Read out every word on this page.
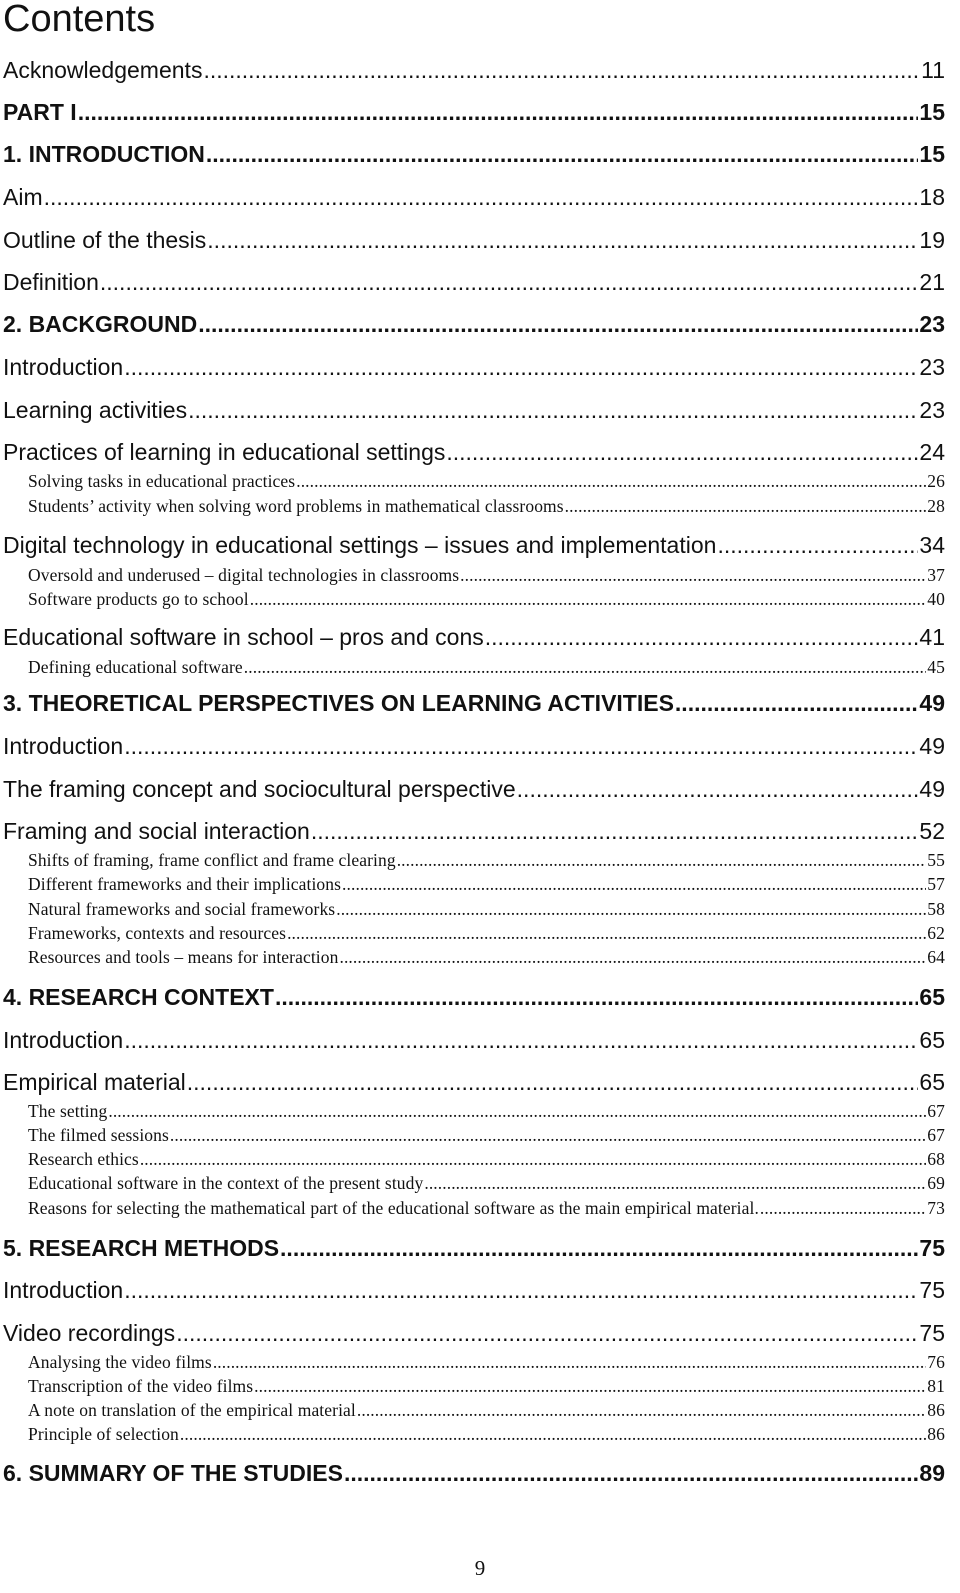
Contents
Acknowledgements .....	11
PART I .....	15
1. INTRODUCTION .....	15
Aim .....	18
Outline of the thesis .....	19
Definition .....	21
2. BACKGROUND .....	23
Introduction .....	23
Learning activities .....	23
Practices of learning in educational settings .....	24
Solving tasks in educational practices .....	26
Students’ activity when solving word problems in mathematical classrooms .....	28
Digital technology in educational settings – issues and implementation .....	34
Oversold and underused – digital technologies in classrooms .....	37
Software products go to school .....	40
Educational software in school – pros and cons .....	41
Defining educational software .....	45
3. THEORETICAL PERSPECTIVES ON LEARNING ACTIVITIES .....	49
Introduction .....	49
The framing concept and sociocultural perspective .....	49
Framing and social interaction .....	52
Shifts of framing, frame conflict and frame clearing .....	55
Different frameworks and their implications .....	57
Natural frameworks and social frameworks .....	58
Frameworks, contexts and resources .....	62
Resources and tools – means for interaction .....	64
4. RESEARCH CONTEXT .....	65
Introduction .....	65
Empirical material .....	65
The setting .....	67
The filmed sessions .....	67
Research ethics .....	68
Educational software in the context of the present study .....	69
Reasons for selecting the mathematical part of the educational software as the main empirical material. .....	73
5. RESEARCH METHODS .....	75
Introduction .....	75
Video recordings .....	75
Analysing the video films .....	76
Transcription of the video films .....	81
A note on translation of the empirical material .....	86
Principle of selection .....	86
6. SUMMARY OF THE STUDIES .....	89
9
